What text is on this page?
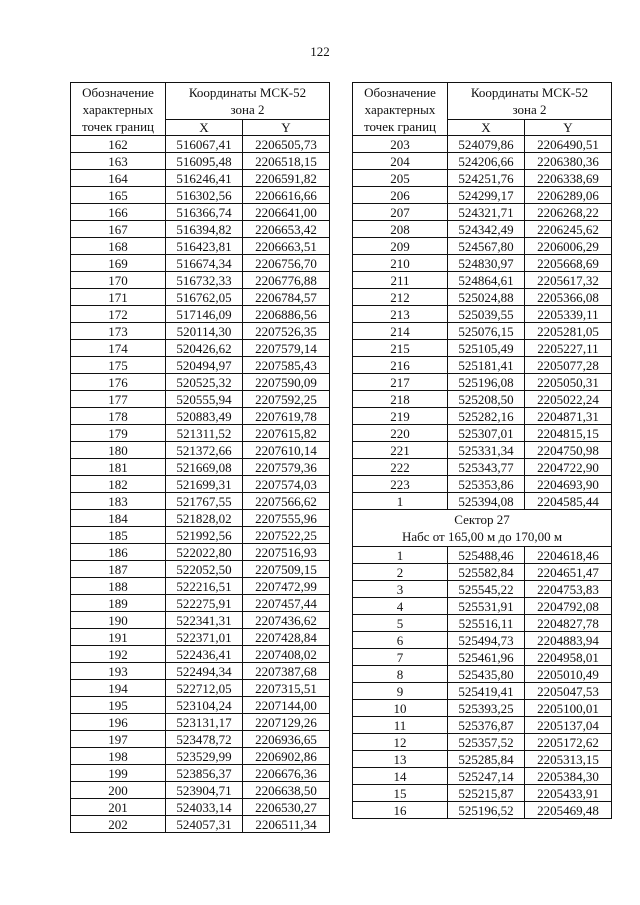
122
Обозначение
характерных
точек границ	Координаты МСК-52
зона 2	
	X	Y
162	516067,41	2206505,73
163	516095,48	2206518,15
164	516246,41	2206591,82
165	516302,56	2206616,66
166	516366,74	2206641,00
167	516394,82	2206653,42
168	516423,81	2206663,51
169	516674,34	2206756,70
170	516732,33	2206776,88
171	516762,05	2206784,57
172	517146,09	2206886,56
173	520114,30	2207526,35
174	520426,62	2207579,14
175	520494,97	2207585,43
176	520525,32	2207590,09
177	520555,94	2207592,25
178	520883,49	2207619,78
179	521311,52	2207615,82
180	521372,66	2207610,14
181	521669,08	2207579,36
182	521699,31	2207574,03
183	521767,55	2207566,62
184	521828,02	2207555,96
185	521992,56	2207522,25
186	522022,80	2207516,93
187	522052,50	2207509,15
188	522216,51	2207472,99
189	522275,91	2207457,44
190	522341,31	2207436,62
191	522371,01	2207428,84
192	522436,41	2207408,02
193	522494,34	2207387,68
194	522712,05	2207315,51
195	523104,24	2207144,00
196	523131,17	2207129,26
197	523478,72	2206936,65
198	523529,99	2206902,86
199	523856,37	2206676,36
200	523904,71	2206638,50
201	524033,14	2206530,27
202	524057,31	2206511,34
Обозначение
характерных
точек границ	Координаты МСК-52
зона 2	
	X	Y
203	524079,86	2206490,51
204	524206,66	2206380,36
205	524251,76	2206338,69
206	524299,17	2206289,06
207	524321,71	2206268,22
208	524342,49	2206245,62
209	524567,80	2206006,29
210	524830,97	2205668,69
211	524864,61	2205617,32
212	525024,88	2205366,08
213	525039,55	2205339,11
214	525076,15	2205281,05
215	525105,49	2205227,11
216	525181,41	2205077,28
217	525196,08	2205050,31
218	525208,50	2205022,24
219	525282,16	2204871,31
220	525307,01	2204815,15
221	525331,34	2204750,98
222	525343,77	2204722,90
223	525353,86	2204693,90
1	525394,08	2204585,44

Сектор 27
Набс от 165,00 м до 170,00 м		

1	525488,46	2204618,46
2	525582,84	2204651,47
3	525545,22	2204753,83
4	525531,91	2204792,08
5	525516,11	2204827,78
6	525494,73	2204883,94
7	525461,96	2204958,01
8	525435,80	2205010,49
9	525419,41	2205047,53
10	525393,25	2205100,01
11	525376,87	2205137,04
12	525357,52	2205172,62
13	525285,84	2205313,15
14	525247,14	2205384,30
15	525215,87	2205433,91
16	525196,52	2205469,48
